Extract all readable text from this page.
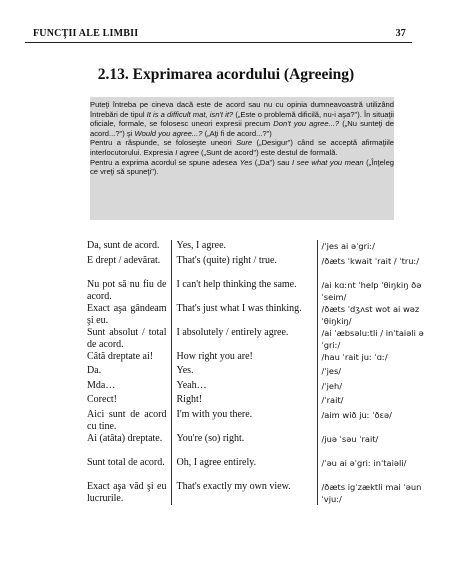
FUNCŢII ALE LIMBII	37
2.13. Exprimarea acordului (Agreeing)

Puteţi întreba pe cineva dacă este de acord sau nu cu opinia dumneavoastră utilizând întrebări de tipul It is a difficult mat, isn't it? („Este o problemă dificilă, nu-i aşa?"). În situaţii oficiale, formale, se folosesc uneori expresii precum Don't you agree...? („Nu sunteţi de acord...?") şi Would you agree...? („Aţi fi de acord...?")

Pentru a răspunde, se foloseşte uneori Sure („Desigur") când se acceptă afirmaţiile interlocutorului. Expresia I agree („Sunt de acord") este destul de formală.

Pentru a exprima acordul se spune adesea Yes („Da") sau I see what you mean („Înţeleg ce vreţi să spuneţi").

Da, sunt de acord.	Yes, I agree.	/ˈjes ai əˈgriː/
E drept / adevărat.	That's (quite) right / true.	/ðæts ˈkwait ˈrait / ˈtruː/
Nu pot să nu fiu de acord.	I can't help thinking the same.	/ai kɑːnt ˈhelp ˈθiŋkiŋ ðə ˈseim/
Exact aşa gândeam şi eu.	That's just what I was thinking.	/ðæts ˈdʒʌst wot ai wəz ˈθiŋkiŋ/
Sunt absolut / total de acord.	I absolutely / entirely agree.	/ai ˈæbsəluːtli / inˈtaiəli əˈgriː/
Câtă dreptate ai!	How right you are!	/hau ˈrait juː ˈɑː/
Da.	Yes.	/ˈjes/
Mda…	Yeah…	/ˈjeh/
Corect!	Right!	/ˈrait/
Aici sunt de acord cu tine.	I'm with you there.	/aim wið juː ˈðɛə/
Ai (atâta) dreptate.	You're (so) right.	/juə ˈsəu ˈrait/
Sunt total de acord.	Oh, I agree entirely.	/ˈəu ai əˈgriː inˈtaiəli/
Exact aşa văd şi eu lucrurile.	That's exactly my own view.	/ðæts igˈzæktli mai ˈəun ˈvjuː/
